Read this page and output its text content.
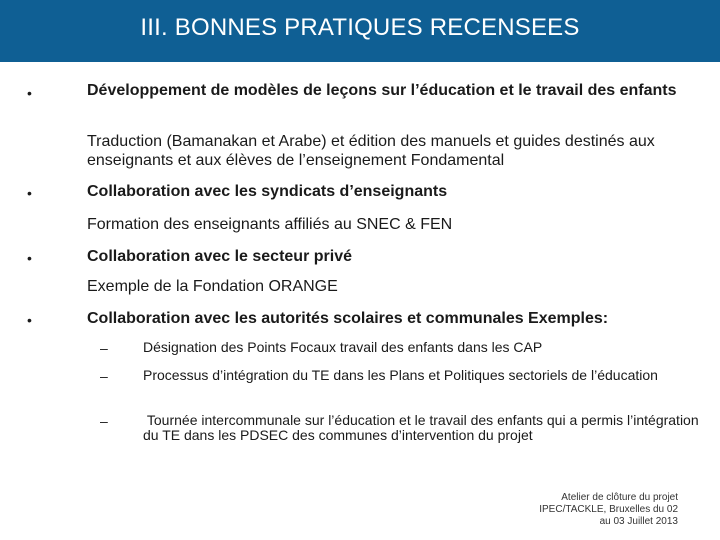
III. BONNES PRATIQUES RECENSEES
•	Développement de modèles de leçons sur l’éducation et le travail des enfants
Traduction (Bamanakan et Arabe) et édition des manuels et guides destinés aux enseignants et aux élèves de l’enseignement Fondamental
•	Collaboration avec les syndicats d’enseignants
Formation des enseignants affiliés au SNEC & FEN
•	Collaboration avec le secteur privé
Exemple de la Fondation ORANGE
•	Collaboration avec les autorités scolaires et communales Exemples:
–	Désignation des Points Focaux travail des enfants dans les CAP
–	Processus d’intégration du TE dans les Plans et Politiques sectoriels de l’éducation
–	Tournée intercommunale sur l’éducation et le travail des enfants qui a permis l’intégration du TE dans les PDSEC des communes d’intervention du projet
Atelier de clôture du projet
IPEC/TACKLE, Bruxelles du 02
au 03 Juillet 2013
